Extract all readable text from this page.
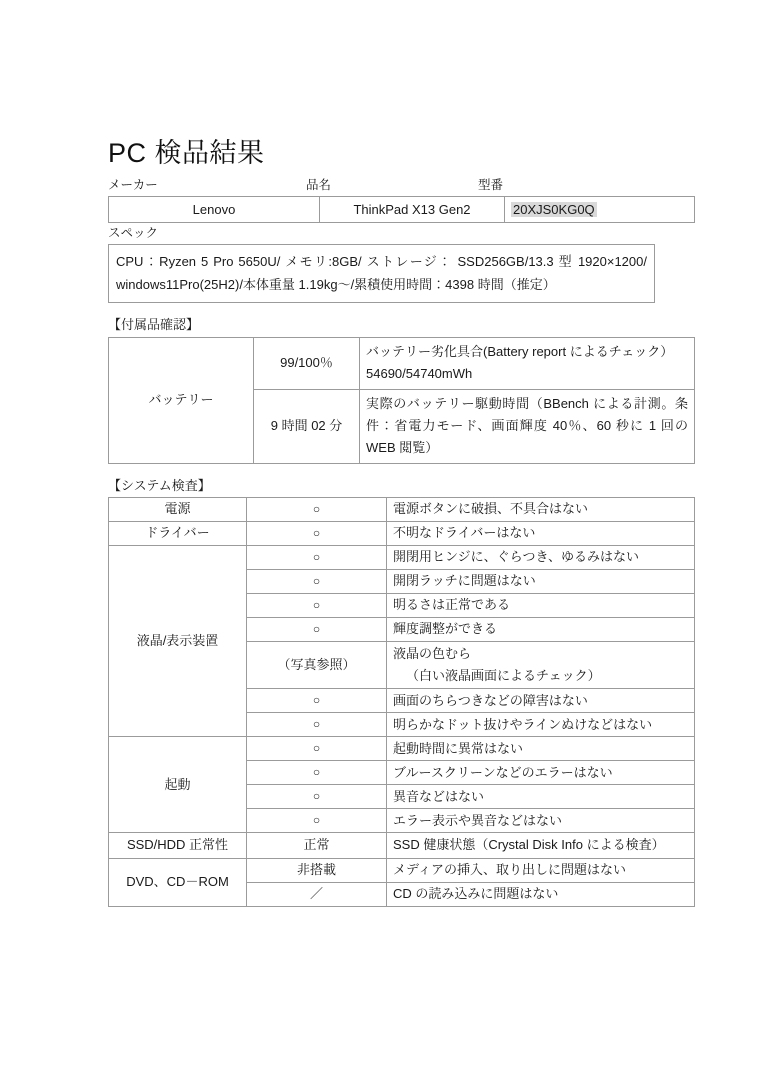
PC 検品結果
メーカー	品名	型番
Lenovo	ThinkPad X13 Gen2	20XJS0KG0Q
スペック
CPU：Ryzen 5 Pro 5650U/ メモリ:8GB/ ストレージ： SSD256GB/13.3 型 1920×1200/ windows11Pro(25H2)/本体重量 1.19kg～/累積使用時間：4398 時間（推定）
【付属品確認】
バッテリー	99/100％	バッテリー劣化具合(Battery report によるチェック）
54690/54740mWh
	9 時間 02 分	実際のバッテリー駆動時間（BBench による計測。条件：省電力モード、画面輝度 40％、60 秒に 1 回の WEB 閲覧）
【システム検査】
電源	○	電源ボタンに破損、不具合はない
ドライバー	○	不明なドライバーはない
液晶/表示装置	○	開閉用ヒンジに、ぐらつき、ゆるみはない
	○	開閉ラッチに問題はない
	○	明るさは正常である
	○	輝度調整ができる
	（写真参照）	液晶の色むら
（白い液晶画面によるチェック）
	○	画面のちらつきなどの障害はない
	○	明らかなドット抜けやラインぬけなどはない
起動	○	起動時間に異常はない
	○	ブルースクリーンなどのエラーはない
	○	異音などはない
	○	エラー表示や異音などはない
SSD/HDD 正常性	正常	SSD 健康状態（Crystal Disk Info による検査）
DVD、CD－ROM	非搭載	メディアの挿入、取り出しに問題はない
	／	CD の読み込みに問題はない
